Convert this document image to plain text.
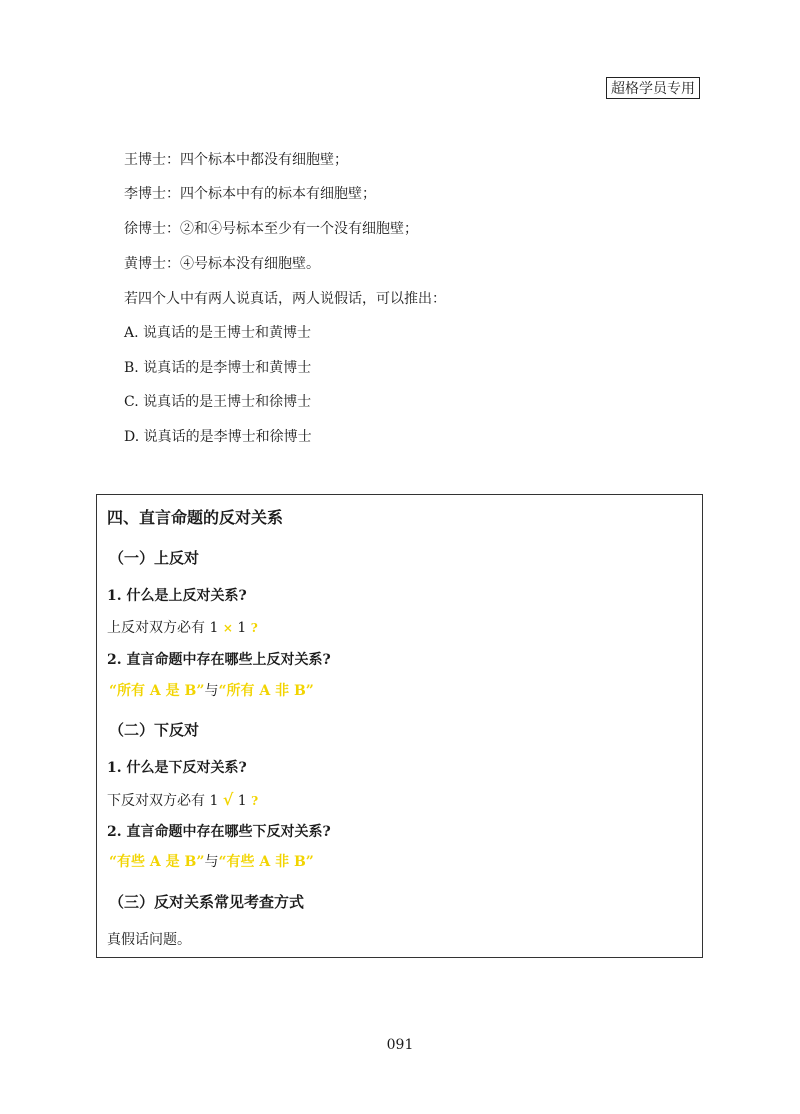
超格学员专用
王博士：四个标本中都没有细胞壁；
李博士：四个标本中有的标本有细胞壁；
徐博士：②和④号标本至少有一个没有细胞壁；
黄博士：④号标本没有细胞壁。
若四个人中有两人说真话，两人说假话，可以推出：
A. 说真话的是王博士和黄博士
B. 说真话的是李博士和黄博士
C. 说真话的是王博士和徐博士
D. 说真话的是李博士和徐博士
四、直言命题的反对关系
（一）上反对
1. 什么是上反对关系?
上反对双方必有 1 × 1 ?
2. 直言命题中存在哪些上反对关系?
“所有 A 是 B”与“所有 A 非 B”
（二）下反对
1. 什么是下反对关系?
下反对双方必有 1 √ 1 ?
2. 直言命题中存在哪些下反对关系?
“有些 A 是 B”与“有些 A 非 B”
（三）反对关系常见考查方式
真假话问题。
091
